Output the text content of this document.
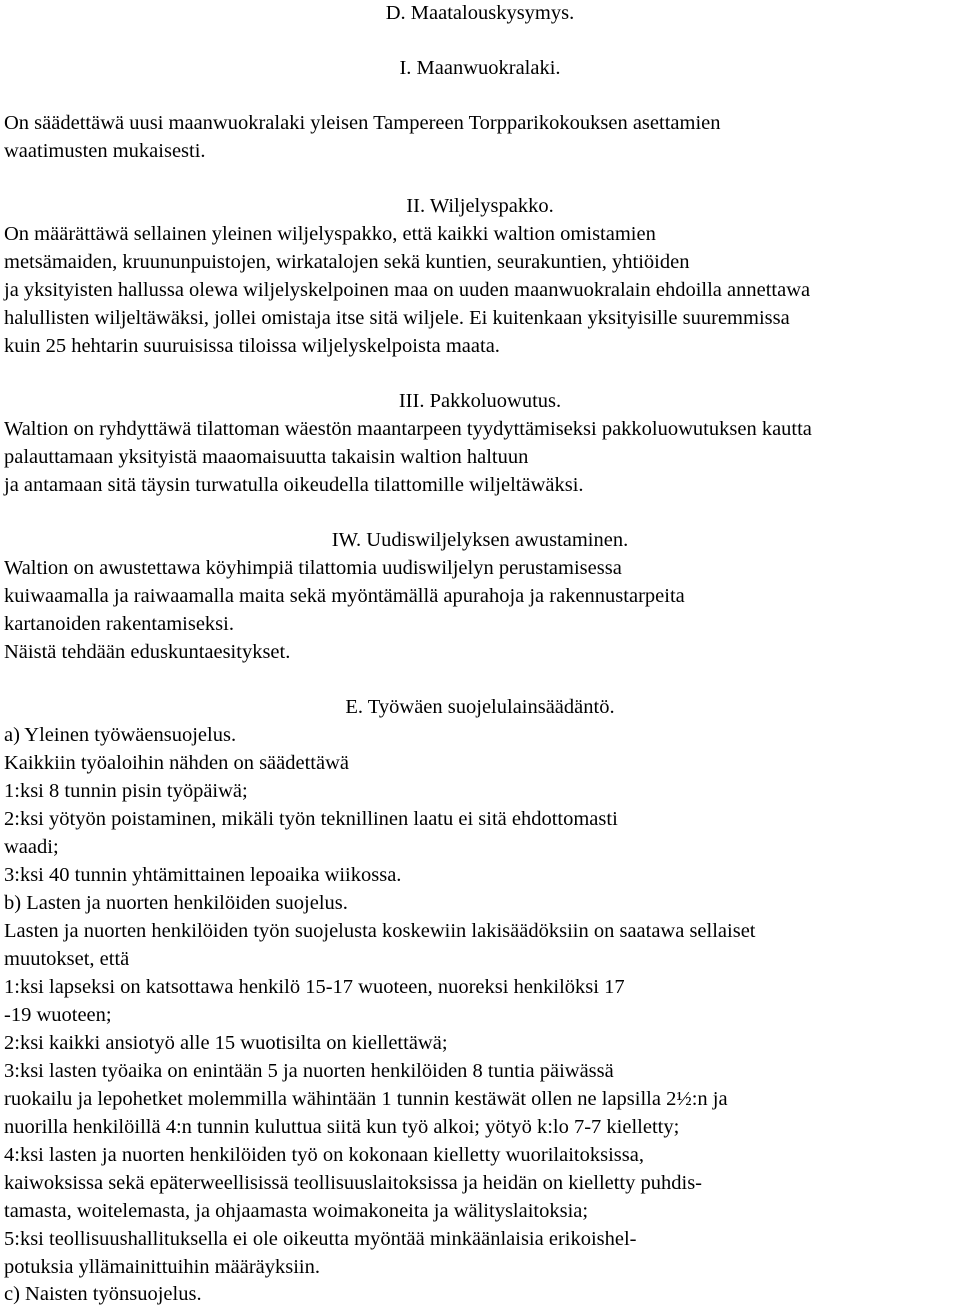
D. Maatalouskysymys.
I. Maanwuokralaki.
On säädettäwä uusi maanwuokralaki yleisen Tampereen Torpparikokouksen asettamien
waatimusten mukaisesti.
II. Wiljelyspakko.
On määrättäwä sellainen yleinen wiljelyspakko, että kaikki waltion omistamien
metsämaiden, kruununpuistojen, wirkatalojen sekä kuntien, seurakuntien, yhtiöiden
ja yksityisten hallussa olewa wiljelyskelpoinen maa on uuden maanwuokralain ehdoilla annettawa
halullisten wiljeltäwäksi, jollei omistaja itse sitä wiljele. Ei kuitenkaan yksityisille suuremmissa
kuin 25 hehtarin suuruisissa tiloissa wiljelyskelpoista maata.
III. Pakkoluowutus.
Waltion on ryhdyttäwä tilattoman wäestön maantarpeen tyydyttämiseksi pakkoluowutuksen kautta
palauttamaan yksityistä maaomaisuutta takaisin waltion haltuun
ja antamaan sitä täysin turwatulla oikeudella tilattomille wiljeltäwäksi.
IW. Uudiswiljelyksen awustaminen.
Waltion on awustettawa köyhimpiä tilattomia uudiswiljelyn perustamisessa
kuiwaamalla ja raiwaamalla maita sekä myöntämällä apurahoja ja rakennustarpeita
kartanoiden rakentamiseksi.
Näistä tehdään eduskuntaesitykset.
E. Työwäen suojelulainsäädäntö.
a) Yleinen työwäensuojelus.
Kaikkiin työaloihin nähden on säädettäwä
1:ksi 8 tunnin pisin työpäiwä;
2:ksi yötyön poistaminen, mikäli työn teknillinen laatu ei sitä ehdottomasti
waadi;
3:ksi 40 tunnin yhtämittainen lepoaika wiikossa.
b) Lasten ja nuorten henkilöiden suojelus.
Lasten ja nuorten henkilöiden työn suojelusta koskewiin lakisäädöksiin on saatawa sellaiset
muutokset, että
1:ksi lapseksi on katsottawa henkilö 15-17 wuoteen, nuoreksi henkilöksi 17
-19 wuoteen;
2:ksi kaikki ansiotyö alle 15 wuotisilta on kiellettäwä;
3:ksi lasten työaika on enintään 5 ja nuorten henkilöiden 8 tuntia päiwässä
ruokailu ja lepohetket molemmilla wähintään 1 tunnin kestäwät ollen ne lapsilla 2½:n ja
nuorilla henkilöillä 4:n tunnin kuluttua siitä kun työ alkoi; yötyö k:lo 7-7 kielletty;
4:ksi lasten ja nuorten henkilöiden työ on kokonaan kielletty wuorilaitoksissa,
kaiwoksissa sekä epäterweellisissä teollisuuslaitoksissa ja heidän on kielletty puhdis-
tamasta, woitelemasta, ja ohjaamasta woimakoneita ja wälityslaitoksia;
5:ksi teollisuushallituksella ei ole oikeutta myöntää minkäänlaisia erikoishel-
potuksia yllämainittuihin määräyksiin.
c) Naisten työnsuojelus.
